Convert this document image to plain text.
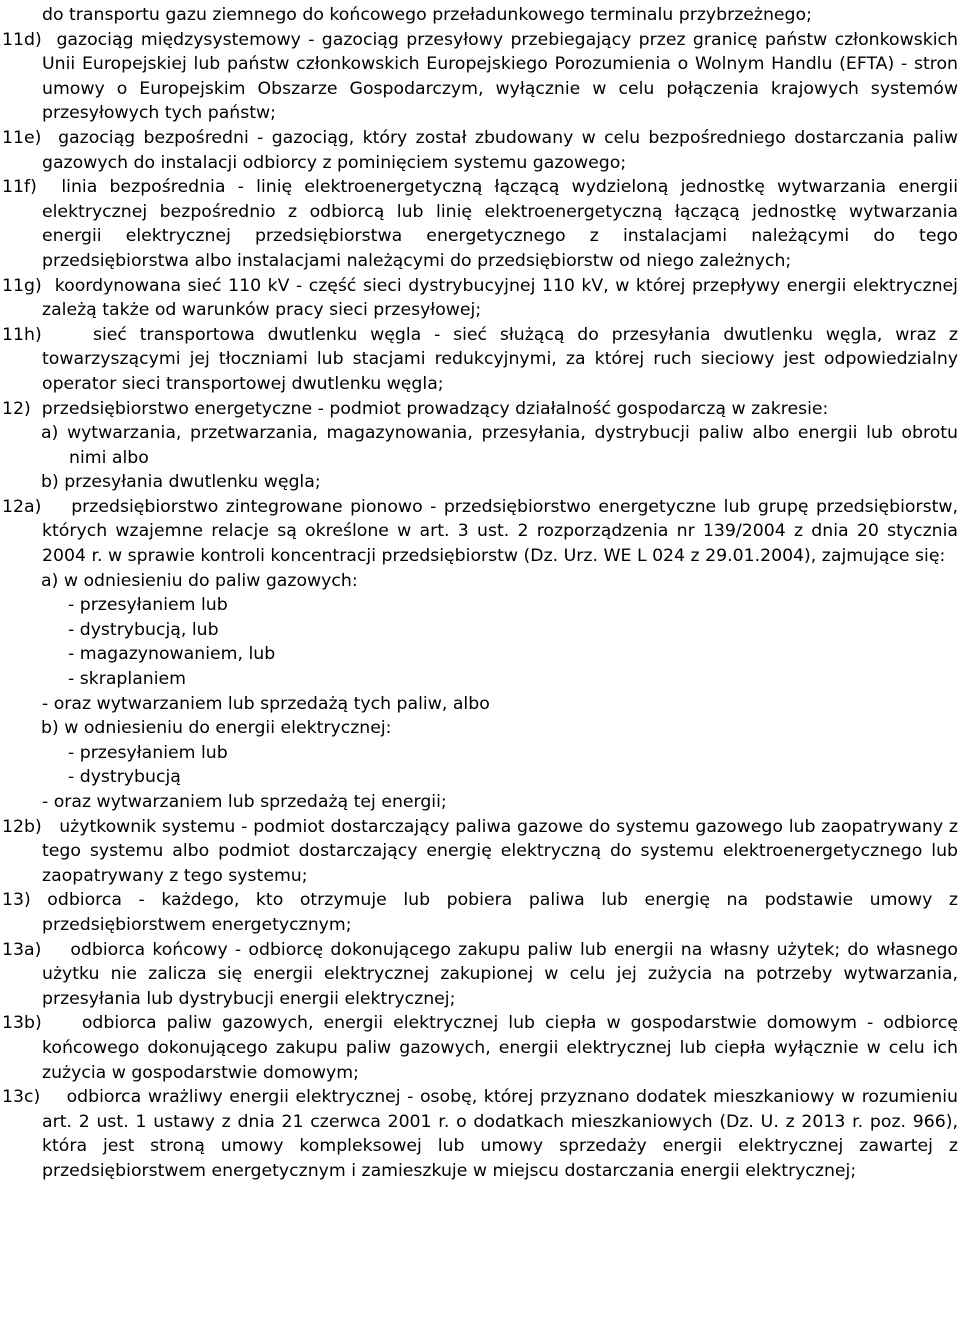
do transportu gazu ziemnego do końcowego przeładunkowego terminalu przybrzeżnego;

11d) gazociąg międzysystemowy - gazociąg przesyłowy przebiegający przez granicę państw członkowskich Unii Europejskiej lub państw członkowskich Europejskiego Porozumienia o Wolnym Handlu (EFTA) - stron umowy o Europejskim Obszarze Gospodarczym, wyłącznie w celu połączenia krajowych systemów przesyłowych tych państw;

11e) gazociąg bezpośredni - gazociąg, który został zbudowany w celu bezpośredniego dostarczania paliw gazowych do instalacji odbiorcy z pominięciem systemu gazowego;

11f) linia bezpośrednia - linię elektroenergetyczną łączącą wydzieloną jednostkę wytwarzania energii elektrycznej bezpośrednio z odbiorcą lub linię elektroenergetyczną łączącą jednostkę wytwarzania energii elektrycznej przedsiębiorstwa energetycznego z instalacjami należącymi do tego przedsiębiorstwa albo instalacjami należącymi do przedsiębiorstw od niego zależnych;

11g) koordynowana sieć 110 kV - część sieci dystrybucyjnej 110 kV, w której przepływy energii elektrycznej zależą także od warunków pracy sieci przesyłowej;

11h)	sieć transportowa dwutlenku węgla - sieć służącą do przesyłania dwutlenku węgla, wraz z towarzyszącymi jej tłoczniami lub stacjami redukcyjnymi, za której ruch sieciowy jest odpowiedzialny operator sieci transportowej dwutlenku węgla;

12) przedsiębiorstwo energetyczne - podmiot prowadzący działalność gospodarczą w zakresie:

a) wytwarzania, przetwarzania, magazynowania, przesyłania, dystrybucji paliw albo energii lub obrotu nimi albo

b) przesyłania dwutlenku węgla;

12a) przedsiębiorstwo zintegrowane pionowo - przedsiębiorstwo energetyczne lub grupę przedsiębiorstw, których wzajemne relacje są określone w art. 3 ust. 2 rozporządzenia nr 139/2004 z dnia 20 stycznia 2004 r. w sprawie kontroli koncentracji przedsiębiorstw (Dz. Urz. WE L 024 z 29.01.2004), zajmujące się:

a) w odniesieniu do paliw gazowych:

- przesyłaniem lub

- dystrybucją, lub

- magazynowaniem, lub

- skraplaniem

- oraz wytwarzaniem lub sprzedażą tych paliw, albo

b) w odniesieniu do energii elektrycznej:

- przesyłaniem lub

- dystrybucją

- oraz wytwarzaniem lub sprzedażą tej energii;

12b) użytkownik systemu - podmiot dostarczający paliwa gazowe do systemu gazowego lub zaopatrywany z tego systemu albo podmiot dostarczający energię elektryczną do systemu elektroenergetycznego lub zaopatrywany z tego systemu;

13) odbiorca - każdego, kto otrzymuje lub pobiera paliwa lub energię na podstawie umowy z przedsiębiorstwem energetycznym;

13a) odbiorca końcowy - odbiorcę dokonującego zakupu paliw lub energii na własny użytek; do własnego użytku nie zalicza się energii elektrycznej zakupionej w celu jej zużycia na potrzeby wytwarzania, przesyłania lub dystrybucji energii elektrycznej;

13b) odbiorca paliw gazowych, energii elektrycznej lub ciepła w gospodarstwie domowym - odbiorcę końcowego dokonującego zakupu paliw gazowych, energii elektrycznej lub ciepła wyłącznie w celu ich zużycia w gospodarstwie domowym;

13c) odbiorca wrażliwy energii elektrycznej - osobę, której przyznano dodatek mieszkaniowy w rozumieniu art. 2 ust. 1 ustawy z dnia 21 czerwca 2001 r. o dodatkach mieszkaniowych (Dz. U. z 2013 r. poz. 966), która jest stroną umowy kompleksowej lub umowy sprzedaży energii elektrycznej zawartej z przedsiębiorstwem energetycznym i zamieszkuje w miejscu dostarczania energii elektrycznej;
